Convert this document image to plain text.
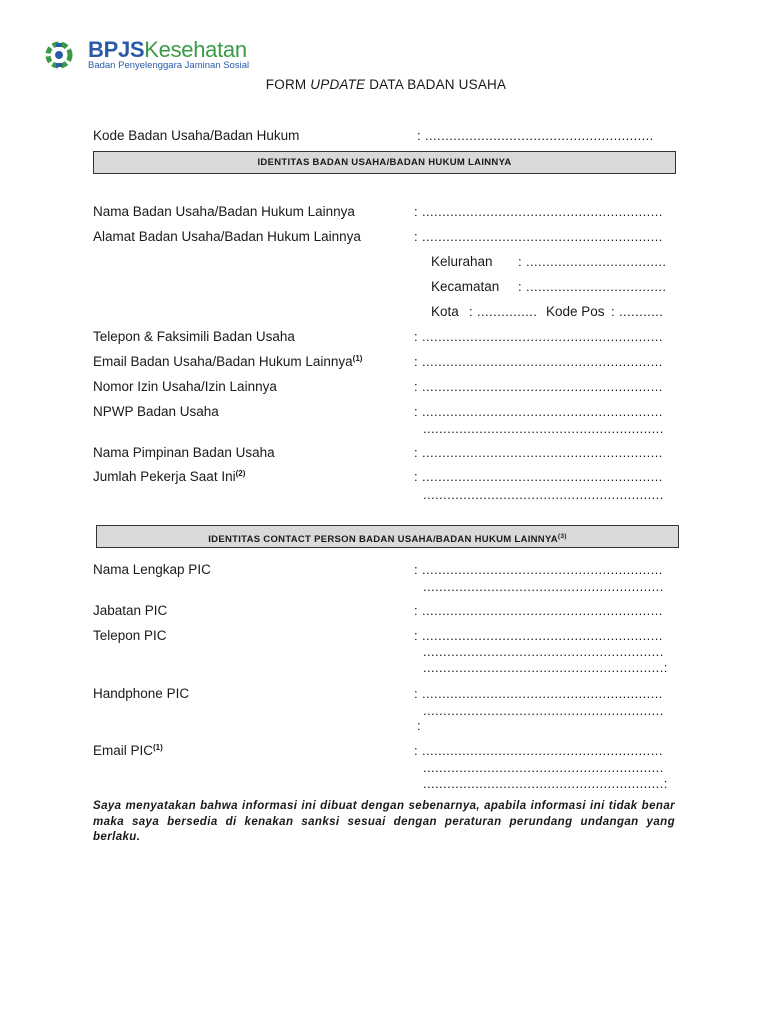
BPJSKesehatan
Badan Penyelenggara Jaminan Sosial
FORM UPDATE DATA BADAN USAHA
Kode Badan Usaha/Badan Hukum	: .........................................................
IDENTITAS BADAN USAHA/BADAN HUKUM LAINNYA
Nama Badan Usaha/Badan Hukum Lainnya	: ............................................................
Alamat Badan Usaha/Badan Hukum Lainnya	: ............................................................
Kelurahan : ...................................
Kecamatan : ...................................
Kota : ............... Kode Pos : ...........
Telepon & Faksimili Badan Usaha	: ............................................................
Email Badan Usaha/Badan Hukum Lainnya$^{(1)}$	: ............................................................
Nomor Izin Usaha/Izin Lainnya	: ............................................................
NPWP Badan Usaha	: ............................................................
............................................................
Nama Pimpinan Badan Usaha	: ............................................................
Jumlah Pekerja Saat Ini$^{(2)}$	: ............................................................
............................................................
IDENTITAS CONTACT PERSON BADAN USAHA/BADAN HUKUM LAINNYA$^{(3)}$
Nama Lengkap PIC	: ............................................................
............................................................
Jabatan PIC	: ............................................................
Telepon PIC	: ............................................................
............................................................
............................................................:
Handphone PIC	: ............................................................
............................................................
:
Email PIC$^{(1)}$	: ............................................................
............................................................
............................................................:
Saya menyatakan bahwa informasi ini dibuat dengan sebenarnya, apabila informasi ini tidak benar maka saya bersedia di kenakan sanksi sesuai dengan peraturan perundang undangan yang berlaku.
